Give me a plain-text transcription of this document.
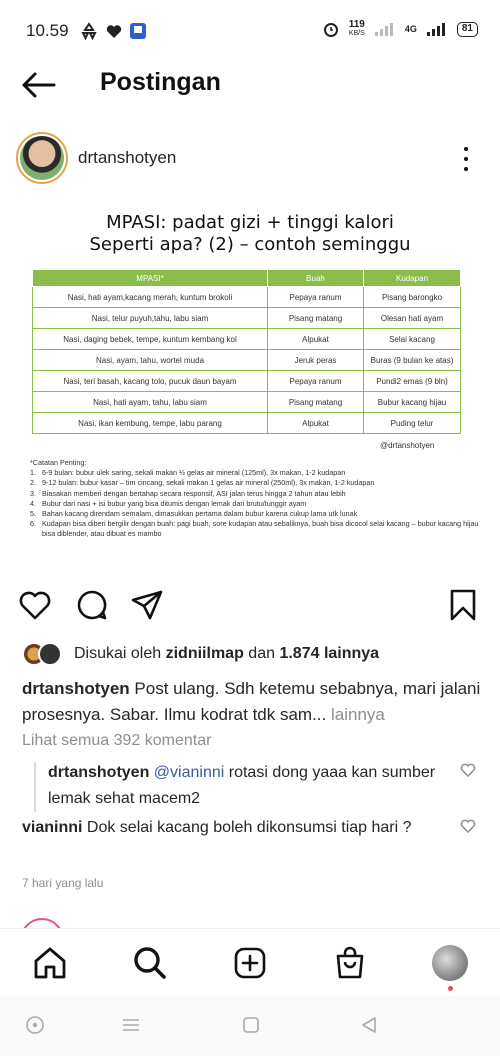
10.59	119
KB/S	4G	81
Postingan
drtanshotyen
MPASI: padat gizi + tinggi kalori
Seperti apa? (2) – contoh seminggu
MPASI*	Buah	Kudapan
Nasi, hati ayam,kacang merah, kuntum brokoli	Pepaya ranum	Pisang barongko
Nasi, telur puyuh,tahu, labu siam	Pisang matang	Olesan hati ayam
Nasi, daging bebek, tempe, kuntum kembang kol	Alpukat	Selai kacang
Nasi, ayam, tahu, wortel muda	Jeruk peras	Buras (9 bulan ke atas)
Nasi, teri basah, kacang tolo, pucuk daun bayam	Pepaya ranum	Pundi2 emas (9 bln)
Nasi, hati ayam, tahu, labu siam	Pisang matang	Bubur kacang hijau
Nasi, ikan kembung, tempe, labu parang	Alpukat	Puding telur
@drtanshotyen
*Catatan Penting:
1. 6-9 bulan: bubur ulek saring, sekali makan ½ gelas air mineral (125ml), 3x makan, 1-2 kudapan
2. 9-12 bulan: bubur kasar – tim cincang, sekali makan 1 gelas air mineral (250ml), 3x makan, 1-2 kudapan
3. Biasakan memberi dengan bertahap secara responsif, ASI jalan terus hingga 2 tahun atau lebih
4. Bubur dari nasi + isi bubur yang bisa ditumis dengan lemak dari brutu/tunggir ayam
5. Bahan kacang direndam semalam, dimasukkan pertama dalam bubur karena cukup lama utk lunak
6. Kudapan bisa diberi bergilir dengan buah: pagi buah, sore kudapan atau sebaliknya, buah bisa dicocol selai kacang – bubur kacang hijau bisa diblender, atau dibuat es mambo
Disukai oleh
zidniilmap
dan
1.874 lainnya
drtanshotyen Post ulang. Sdh ketemu sebabnya, mari jalani prosesnya. Sabar. Ilmu kodrat tdk sam... lainnya
Lihat semua 392 komentar
drtanshotyen @vianinni rotasi dong yaaa kan sumber lemak sehat macem2
vianinni Dok selai kacang boleh dikonsumsi tiap hari ?
7 hari yang lalu
